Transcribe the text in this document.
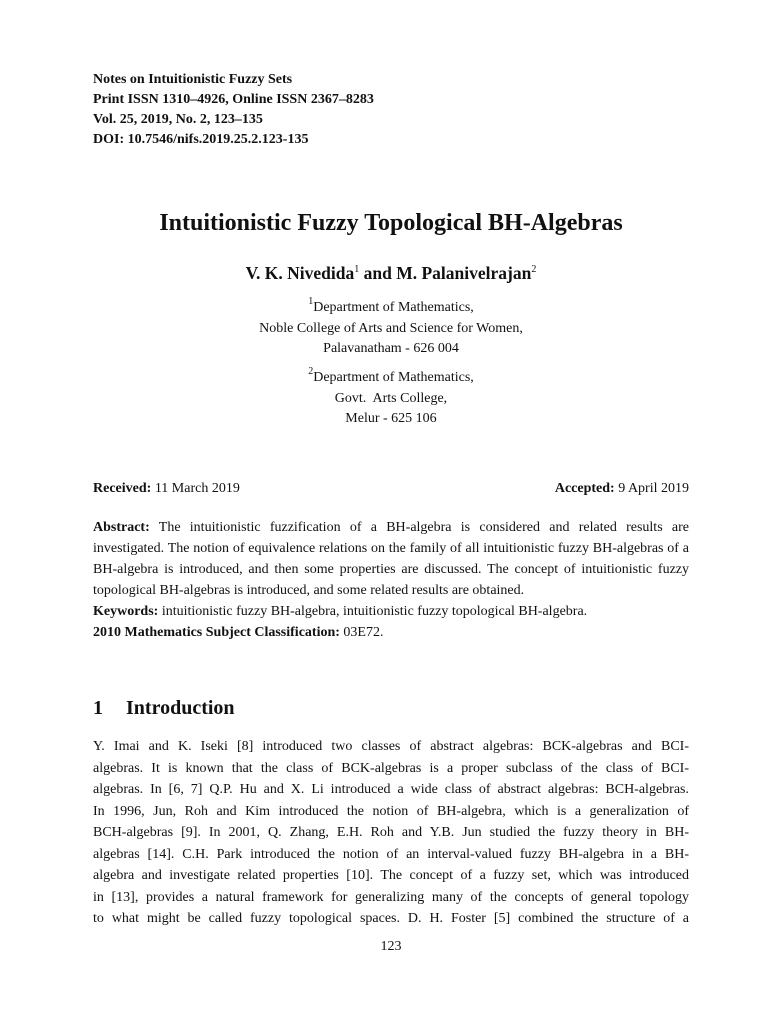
Notes on Intuitionistic Fuzzy Sets
Print ISSN 1310–4926, Online ISSN 2367–8283
Vol. 25, 2019, No. 2, 123–135
DOI: 10.7546/nifs.2019.25.2.123-135
Intuitionistic Fuzzy Topological BH-Algebras
V. K. Nivedida$^1$ and M. Palanivelrajan$^2$
$^1$Department of Mathematics,
Noble College of Arts and Science for Women,
Palavanatham - 626 004
$^2$Department of Mathematics,
Govt.  Arts College,
Melur - 625 106
Received: 11 March 2019	Accepted: 9 April 2019

Abstract: The intuitionistic fuzzification of a BH-algebra is considered and related results are investigated. The notion of equivalence relations on the family of all intuitionistic fuzzy BH-algebras of a BH-algebra is introduced, and then some properties are discussed. The concept of intuitionistic fuzzy topological BH-algebras is introduced, and some related results are obtained.

Keywords: intuitionistic fuzzy BH-algebra, intuitionistic fuzzy topological BH-algebra.

2010 Mathematics Subject Classification: 03E72.

1 Introduction
Y. Imai and K. Iseki [8] introduced two classes of abstract algebras: BCK-algebras and BCI-
algebras. It is known that the class of BCK-algebras is a proper subclass of the class of BCI-
algebras. In [6, 7] Q.P. Hu and X. Li introduced a wide class of abstract algebras: BCH-algebras.
In 1996, Jun, Roh and Kim introduced the notion of BH-algebra, which is a generalization of
BCH-algebras [9]. In 2001, Q. Zhang, E.H. Roh and Y.B. Jun studied the fuzzy theory in BH-
algebras [14]. C.H. Park introduced the notion of an interval-valued fuzzy BH-algebra in a BH-
algebra and investigate related properties [10]. The concept of a fuzzy set, which was introduced
in [13], provides a natural framework for generalizing many of the concepts of general topology
to what might be called fuzzy topological spaces. D. H. Foster [5] combined the structure of a
123
